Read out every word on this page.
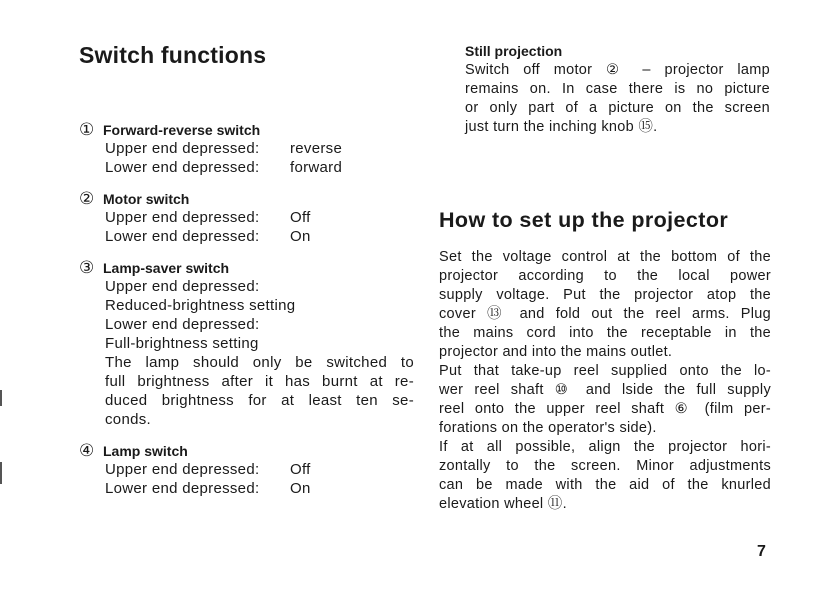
Switch functions
① Forward-reverse switch
Upper end depressed:	reverse
Lower end depressed:	forward
② Motor switch
Upper end depressed:	Off
Lower end depressed:	On
③ Lamp-saver switch
Upper end depressed:
Reduced-brightness setting
Lower end depressed:
Full-brightness setting
The lamp should only be switched to
full brightness after it has burnt at re-
duced brightness for at least ten se-
conds.
④ Lamp switch
Upper end depressed:	Off
Lower end depressed:	On
Still projection
Switch off motor ② – projector lamp
remains on. In case there is no picture
or only part of a picture on the screen
just turn the inching knob ⑮.
How to set up the projector
Set the voltage control at the bottom of the
projector according to the local power
supply voltage. Put the projector atop the
cover ⑬ and fold out the reel arms. Plug
the mains cord into the receptable in the
projector and into the mains outlet.
Put that take-up reel supplied onto the lo-
wer reel shaft ⑩ and lside the full supply
reel onto the upper reel shaft ⑥ (film per-
forations on the operator's side).
If at all possible, align the projector hori-
zontally to the screen. Minor adjustments
can be made with the aid of the knurled
elevation wheel ⑪.
7
